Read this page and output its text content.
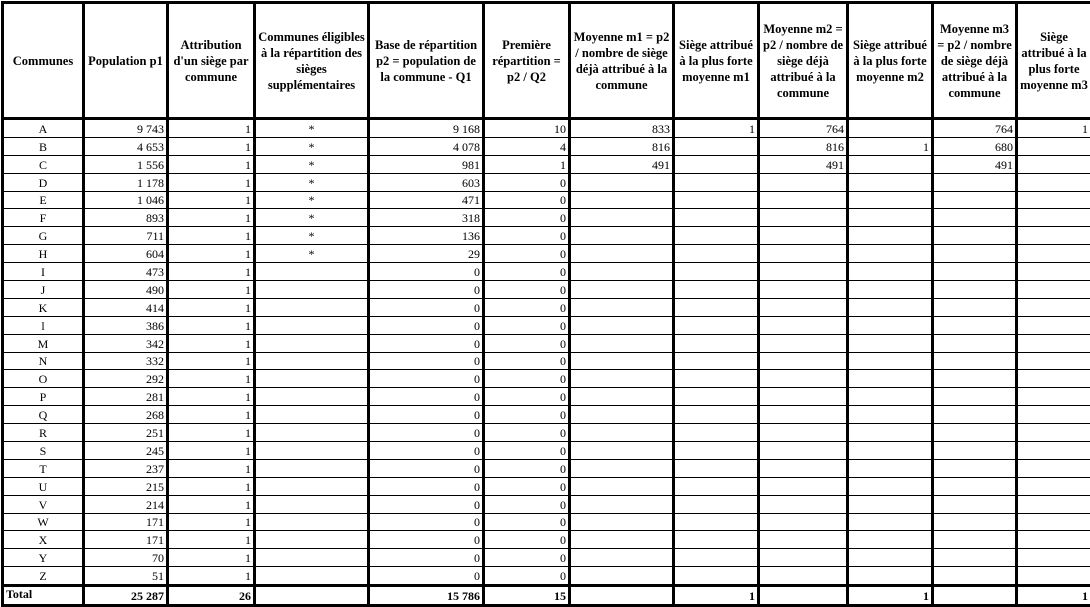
Communes	Population p1	Attribution d'un siège par commune	Communes éligibles à la répartition des sièges supplémentaires	Base de répartition p2 = population de la commune - Q1	Première répartition = p2 / Q2	Moyenne m1 = p2 / nombre de siège déjà attribué à la commune	Siège attribué à la plus forte moyenne m1	Moyenne m2 = p2 / nombre de siège déjà attribué à la commune	Siège attribué à la plus forte moyenne m2	Moyenne m3 = p2 / nombre de siège déjà attribué à la commune	Siège attribué à la plus forte moyenne m3
A	9 743	1	*	9 168	10	833	1	764		764	1
B	4 653	1	*	4 078	4	816		816	1	680	
C	1 556	1	*	981	1	491		491		491	
D	1 178	1	*	603	0						
E	1 046	1	*	471	0						
F	893	1	*	318	0						
G	711	1	*	136	0						
H	604	1	*	29	0						
I	473	1		0	0						
J	490	1		0	0						
K	414	1		0	0						
l	386	1		0	0						
M	342	1		0	0						
N	332	1		0	0						
O	292	1		0	0						
P	281	1		0	0						
Q	268	1		0	0						
R	251	1		0	0						
S	245	1		0	0						
T	237	1		0	0						
U	215	1		0	0						
V	214	1		0	0						
W	171	1		0	0						
X	171	1		0	0						
Y	70	1		0	0						
Z	51	1		0	0						
Total	25 287	26		15 786	15		1		1		1
